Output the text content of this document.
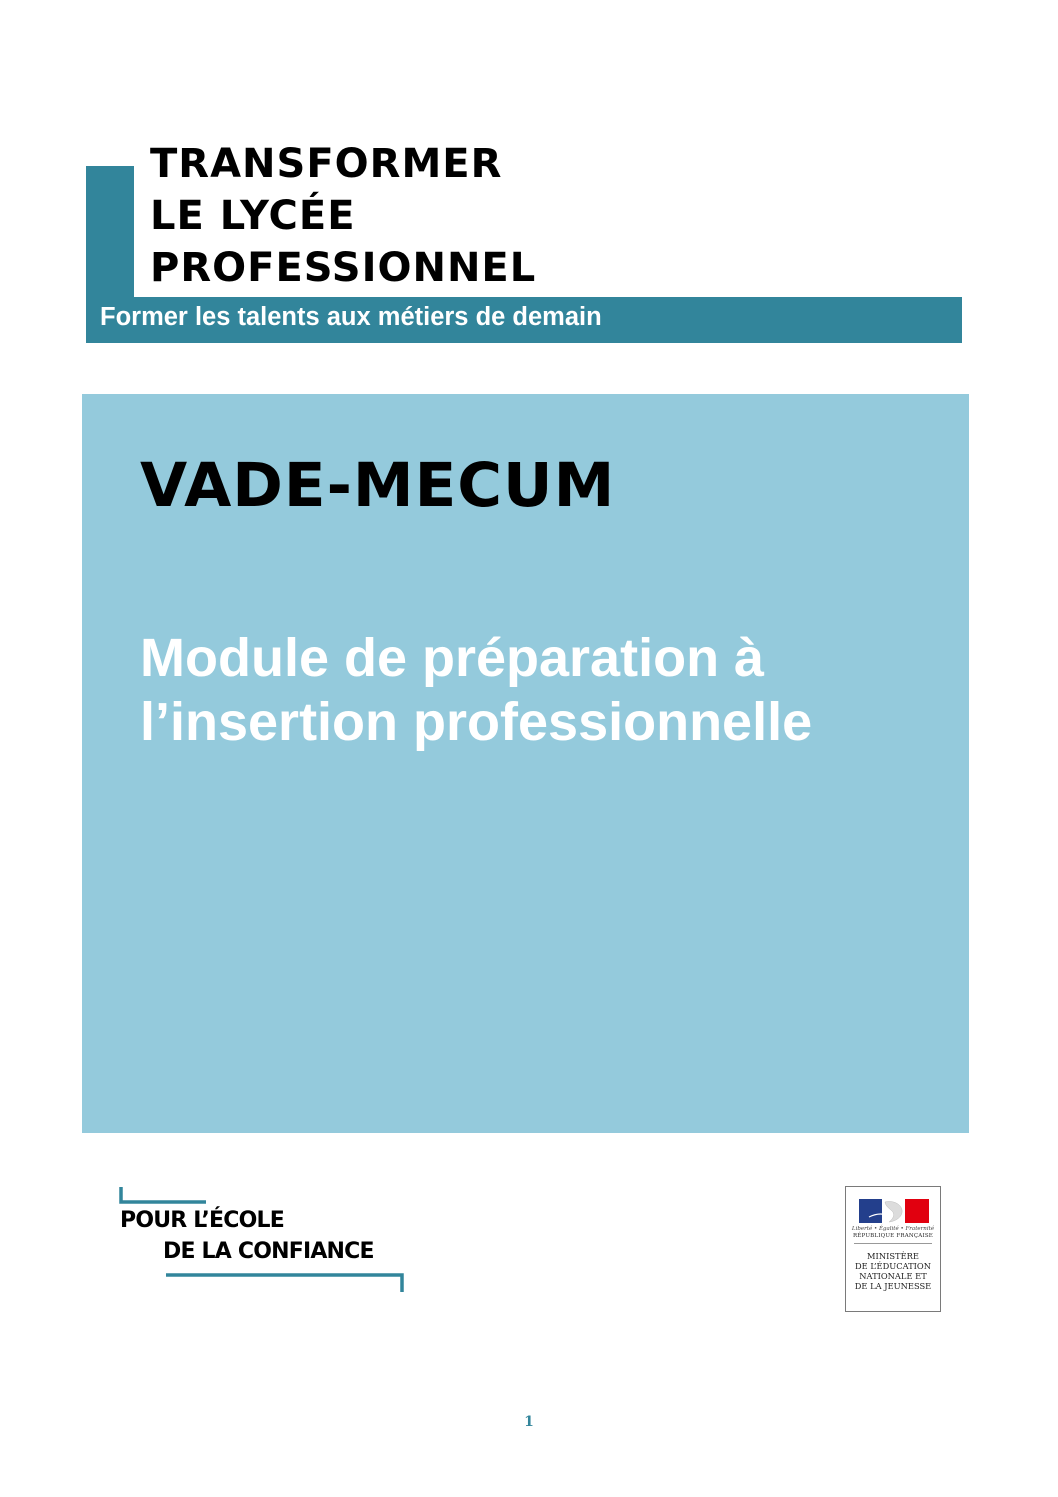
TRANSFORMER
LE LYCÉE
PROFESSIONNEL
Former les talents aux métiers de demain
VADE-MECUM

Module de préparation à
l’insertion professionnelle

POUR L’ÉCOLE
DE LA CONFIANCE
Liberté • Égalité • Fraternité
RÉPUBLIQUE FRANÇAISE
MINISTÈRE
DE L’ÉDUCATION
NATIONALE ET
DE LA JEUNESSE
1
